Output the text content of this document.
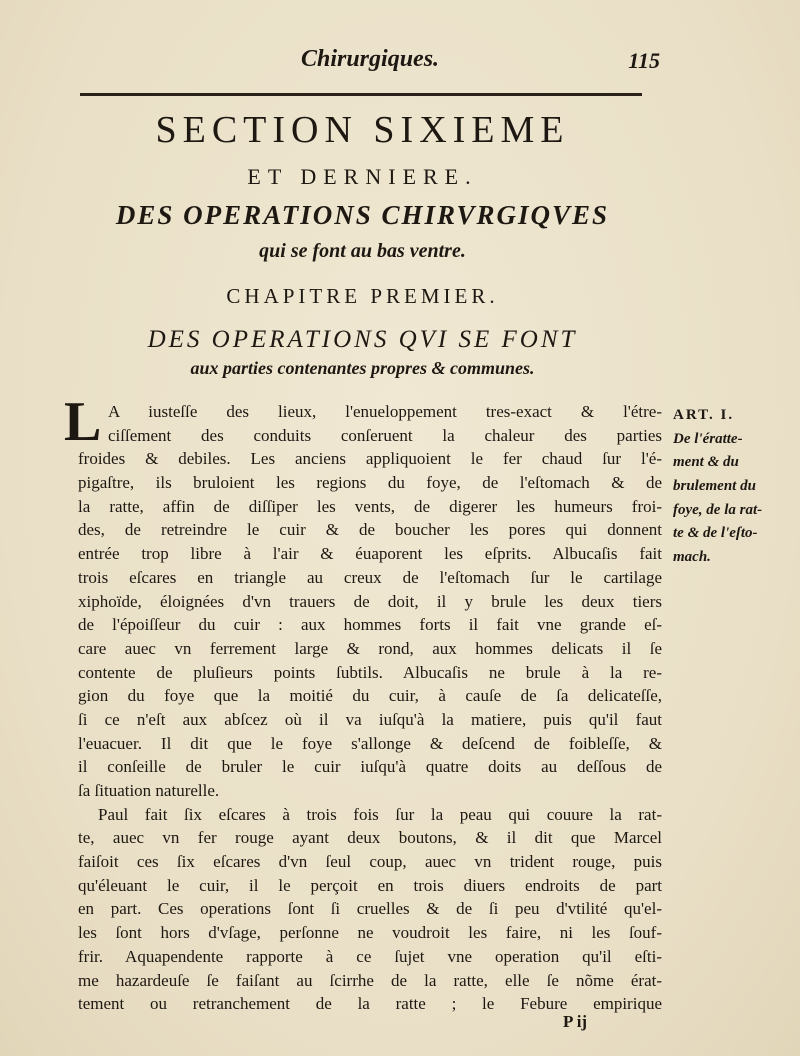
Chirurgiques.	115
SECTION SIXIEME
ET DERNIERE.
DES OPERATIONS CHIRVRGIQVES
qui se font au bas ventre.
CHAPITRE PREMIER.
DES OPERATIONS QVI SE FONT
aux parties contenantes propres & communes.
L A iusteſſe des lieux, l'enueloppement tres-exact & l'étre-
ciſſement des conduits conſeruent la chaleur des parties
froides & debiles. Les anciens appliquoient le fer chaud ſur l'é-
pigaſtre, ils bruloient les regions du foye, de l'eſtomach & de
la ratte, affin de diſſiper les vents, de digerer les humeurs froi-
des, de retreindre le cuir & de boucher les pores qui donnent
entrée trop libre à l'air & éuaporent les eſprits. Albucaſis fait
trois eſcares en triangle au creux de l'eſtomach ſur le cartilage
xiphoïde, éloignées d'vn trauers de doit, il y brule les deux tiers
de l'époiſſeur du cuir : aux hommes forts il fait vne grande eſ-
care auec vn ferrement large & rond, aux hommes delicats il ſe
contente de pluſieurs points ſubtils. Albucaſis ne brule à la re-
gion du foye que la moitié du cuir, à cauſe de ſa delicateſſe,
ſi ce n'eſt aux abſcez où il va iuſqu'à la matiere, puis qu'il faut
l'euacuer. Il dit que le foye s'allonge & deſcend de foibleſſe, &
il conſeille de bruler le cuir iuſqu'à quatre doits au deſſous de
ſa ſituation naturelle.
Paul fait ſix eſcares à trois fois ſur la peau qui couure la rat-
te, auec vn fer rouge ayant deux boutons, & il dit que Marcel
faiſoit ces ſix eſcares d'vn ſeul coup, auec vn trident rouge, puis
qu'éleuant le cuir, il le perçoit en trois diuers endroits de part
en part. Ces operations ſont ſi cruelles & de ſi peu d'vtilité qu'el-
les ſont hors d'vſage, perſonne ne voudroit les faire, ni les ſouf-
frir. Aquapendente rapporte à ce ſujet vne operation qu'il eſti-
me hazardeuſe ſe faiſant au ſcirrhe de la ratte, elle ſe nõme érat-
tement ou retranchement de la ratte ; le Febure empirique
ART. I.
De l'ératte-
ment & du
brulement du
foye, de la rat-
te & de l'eſto-
mach.
P ij
